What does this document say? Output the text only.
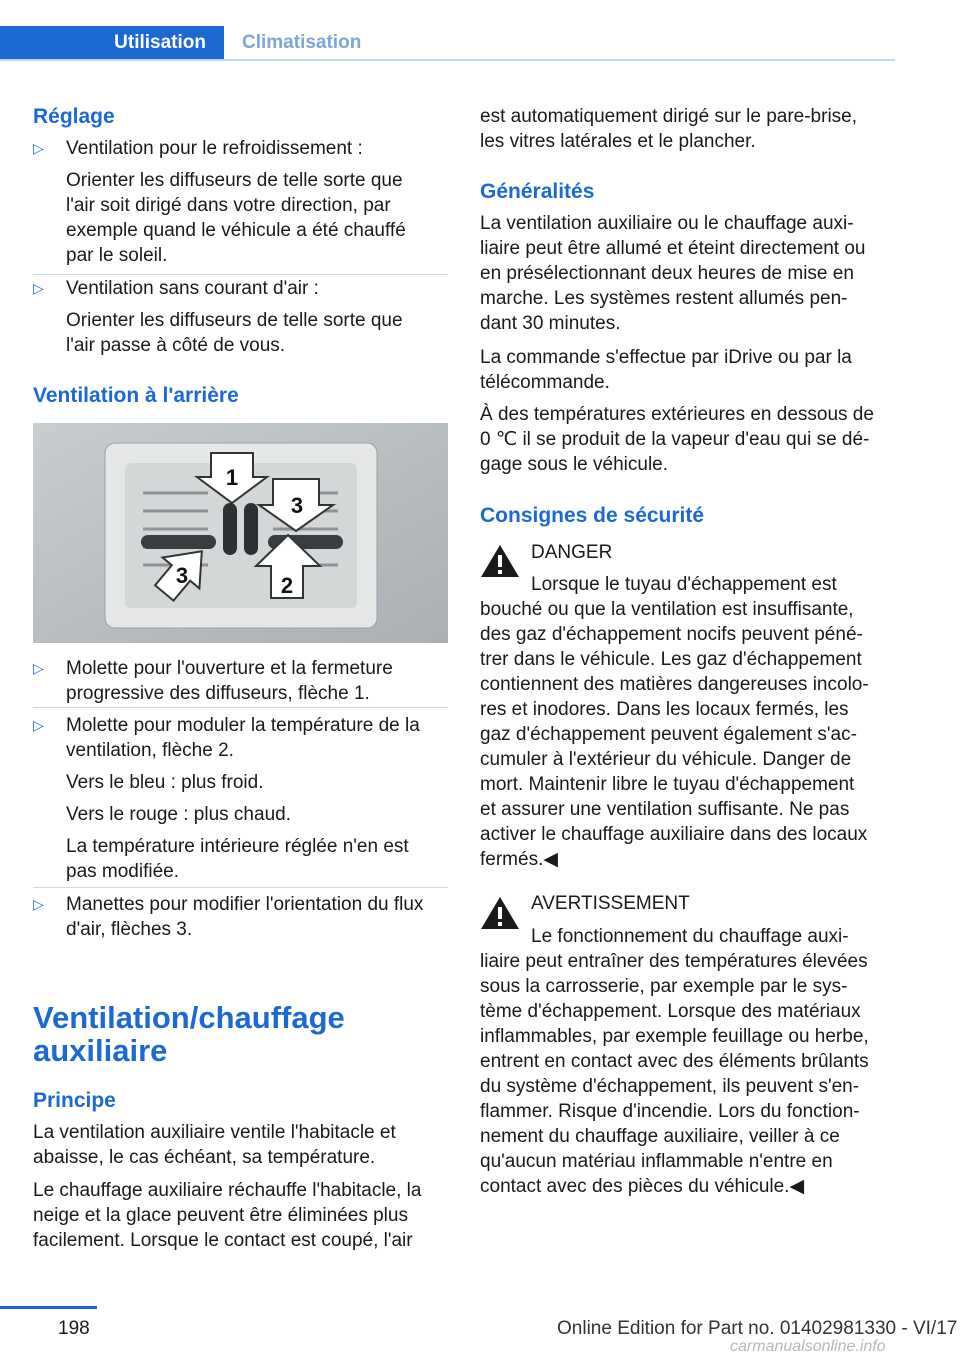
Utilisation	Climatisation
Réglage
▷ Ventilation pour le refroidissement :
Orienter les diffuseurs de telle sorte que
l'air soit dirigé dans votre direction, par
exemple quand le véhicule a été chauffé
par le soleil.
▷ Ventilation sans courant d'air :
Orienter les diffuseurs de telle sorte que
l'air passe à côté de vous.
Ventilation à l'arrière
1
2
3
3
▷ Molette pour l'ouverture et la fermeture
progressive des diffuseurs, flèche 1.
▷ Molette pour moduler la température de la
ventilation, flèche 2.
Vers le bleu : plus froid.
Vers le rouge : plus chaud.
La température intérieure réglée n'en est
pas modifiée.
▷ Manettes pour modifier l'orientation du flux
d'air, flèches 3.
Ventilation/chauffage
auxiliaire
Principe
La ventilation auxiliaire ventile l'habitacle et
abaisse, le cas échéant, sa température.
Le chauffage auxiliaire réchauffe l'habitacle, la
neige et la glace peuvent être éliminées plus
facilement. Lorsque le contact est coupé, l'air
est automatiquement dirigé sur le pare-brise,
les vitres latérales et le plancher.
Généralités
La ventilation auxiliaire ou le chauffage auxi‐
liaire peut être allumé et éteint directement ou
en présélectionnant deux heures de mise en
marche. Les systèmes restent allumés pen‐
dant 30 minutes.
La commande s'effectue par iDrive ou par la
télécommande.
À des températures extérieures en dessous de
0 ℃ il se produit de la vapeur d'eau qui se dé‐
gage sous le véhicule.
Consignes de sécurité
DANGER
Lorsque le tuyau d'échappement est
bouché ou que la ventilation est insuffisante,
des gaz d'échappement nocifs peuvent péné‐
trer dans le véhicule. Les gaz d'échappement
contiennent des matières dangereuses incolo‐
res et inodores. Dans les locaux fermés, les
gaz d'échappement peuvent également s'ac‐
cumuler à l'extérieur du véhicule. Danger de
mort. Maintenir libre le tuyau d'échappement
et assurer une ventilation suffisante. Ne pas
activer le chauffage auxiliaire dans des locaux
fermés.◀
AVERTISSEMENT
Le fonctionnement du chauffage auxi‐
liaire peut entraîner des températures élevées
sous la carrosserie, par exemple par le sys‐
tème d'échappement. Lorsque des matériaux
inflammables, par exemple feuillage ou herbe,
entrent en contact avec des éléments brûlants
du système d'échappement, ils peuvent s'en‐
flammer. Risque d'incendie. Lors du fonction‐
nement du chauffage auxiliaire, veiller à ce
qu'aucun matériau inflammable n'entre en
contact avec des pièces du véhicule.◀
198	Online Edition for Part no. 01402981330 - VI/17
carmanualsonline.info
